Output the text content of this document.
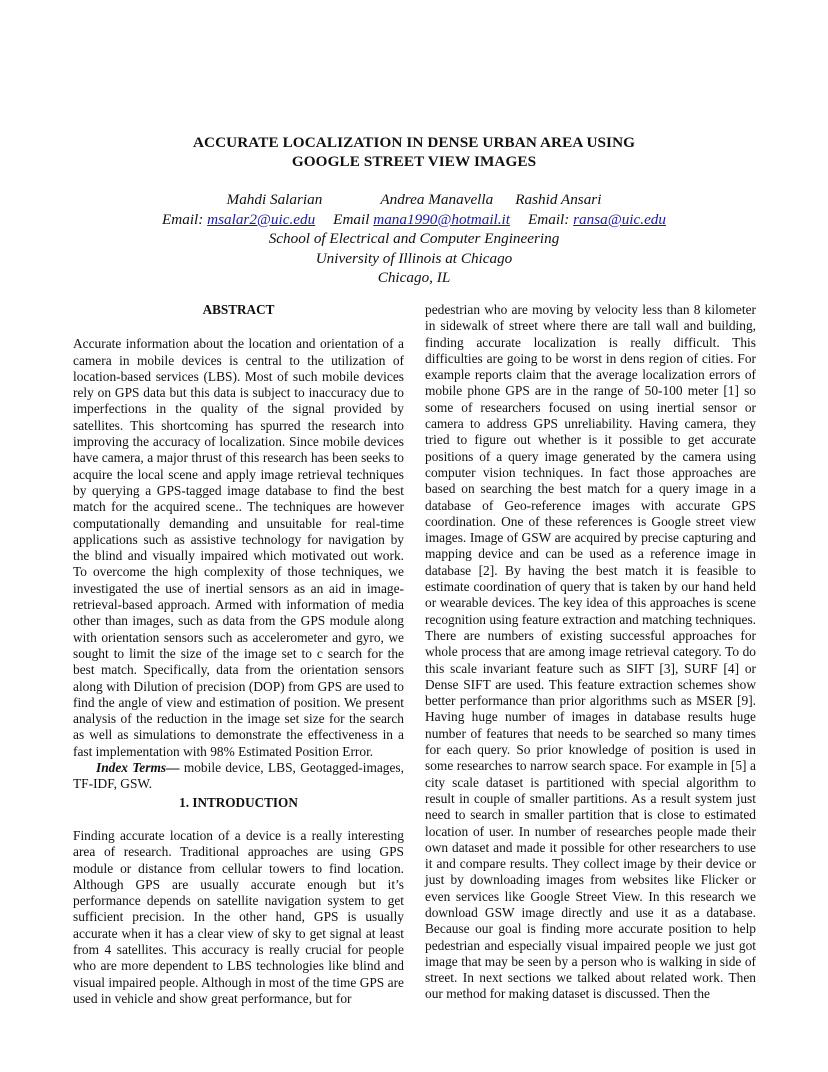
ACCURATE LOCALIZATION IN DENSE URBAN AREA USING
GOOGLE STREET VIEW IMAGES
Mahdi Salarian	Andrea Manavella Rashid Ansari
Email: msalar2@uic.edu Email mana1990@hotmail.it Email: ransa@uic.edu
School of Electrical and Computer Engineering
University of Illinois at Chicago
Chicago, IL
ABSTRACT

Accurate information about the location and orientation of a camera in mobile devices is central to the utilization of location-based services (LBS). Most of such mobile devices rely on GPS data but this data is subject to inaccuracy due to imperfections in the quality of the signal provided by satellites. This shortcoming has spurred the research into improving the accuracy of localization. Since mobile devices have camera, a major thrust of this research has been seeks to acquire the local scene and apply image retrieval techniques by querying a GPS-tagged image database to find the best match for the acquired scene.. The techniques are however computationally demanding and unsuitable for real-time applications such as assistive technology for navigation by the blind and visually impaired which motivated out work. To overcome the high complexity of those techniques, we investigated the use of inertial sensors as an aid in image-retrieval-based approach. Armed with information of media other than images, such as data from the GPS module along with orientation sensors such as accelerometer and gyro, we sought to limit the size of the image set to c search for the best match. Specifically, data from the orientation sensors along with Dilution of precision (DOP) from GPS are used to find the angle of view and estimation of position. We present analysis of the reduction in the image set size for the search as well as simulations to demonstrate the effectiveness in a fast implementation with 98% Estimated Position Error.

Index Terms— mobile device, LBS, Geotagged-images, TF-IDF, GSW.

1. INTRODUCTION

Finding accurate location of a device is a really interesting area of research. Traditional approaches are using GPS module or distance from cellular towers to find location. Although GPS are usually accurate enough but it’s performance depends on satellite navigation system to get sufficient precision. In the other hand, GPS is usually accurate when it has a clear view of sky to get signal at least from 4 satellites. This accuracy is really crucial for people who are more dependent to LBS technologies like blind and visual impaired people. Although in most of the time GPS are used in vehicle and show great performance, but for

pedestrian who are moving by velocity less than 8 kilometer in sidewalk of street where there are tall wall and building, finding accurate localization is really difficult. This difficulties are going to be worst in dens region of cities. For example reports claim that the average localization errors of mobile phone GPS are in the range of 50-100 meter [1] so some of researchers focused on using inertial sensor or camera to address GPS unreliability. Having camera, they tried to figure out whether is it possible to get accurate positions of a query image generated by the camera using computer vision techniques. In fact those approaches are based on searching the best match for a query image in a database of Geo-reference images with accurate GPS coordination. One of these references is Google street view images. Image of GSW are acquired by precise capturing and mapping device and can be used as a reference image in database [2]. By having the best match it is feasible to estimate coordination of query that is taken by our hand held or wearable devices. The key idea of this approaches is scene recognition using feature extraction and matching techniques. There are numbers of existing successful approaches for whole process that are among image retrieval category. To do this scale invariant feature such as SIFT [3], SURF [4] or Dense SIFT are used. This feature extraction schemes show better performance than prior algorithms such as MSER [9]. Having huge number of images in database results huge number of features that needs to be searched so many times for each query. So prior knowledge of position is used in some researches to narrow search space. For example in [5] a city scale dataset is partitioned with special algorithm to result in couple of smaller partitions. As a result system just need to search in smaller partition that is close to estimated location of user. In number of researches people made their own dataset and made it possible for other researchers to use it and compare results. They collect image by their device or just by downloading images from websites like Flicker or even services like Google Street View. In this research we download GSW image directly and use it as a database. Because our goal is finding more accurate position to help pedestrian and especially visual impaired people we just got image that may be seen by a person who is walking in side of street. In next sections we talked about related work. Then our method for making dataset is discussed. Then the
